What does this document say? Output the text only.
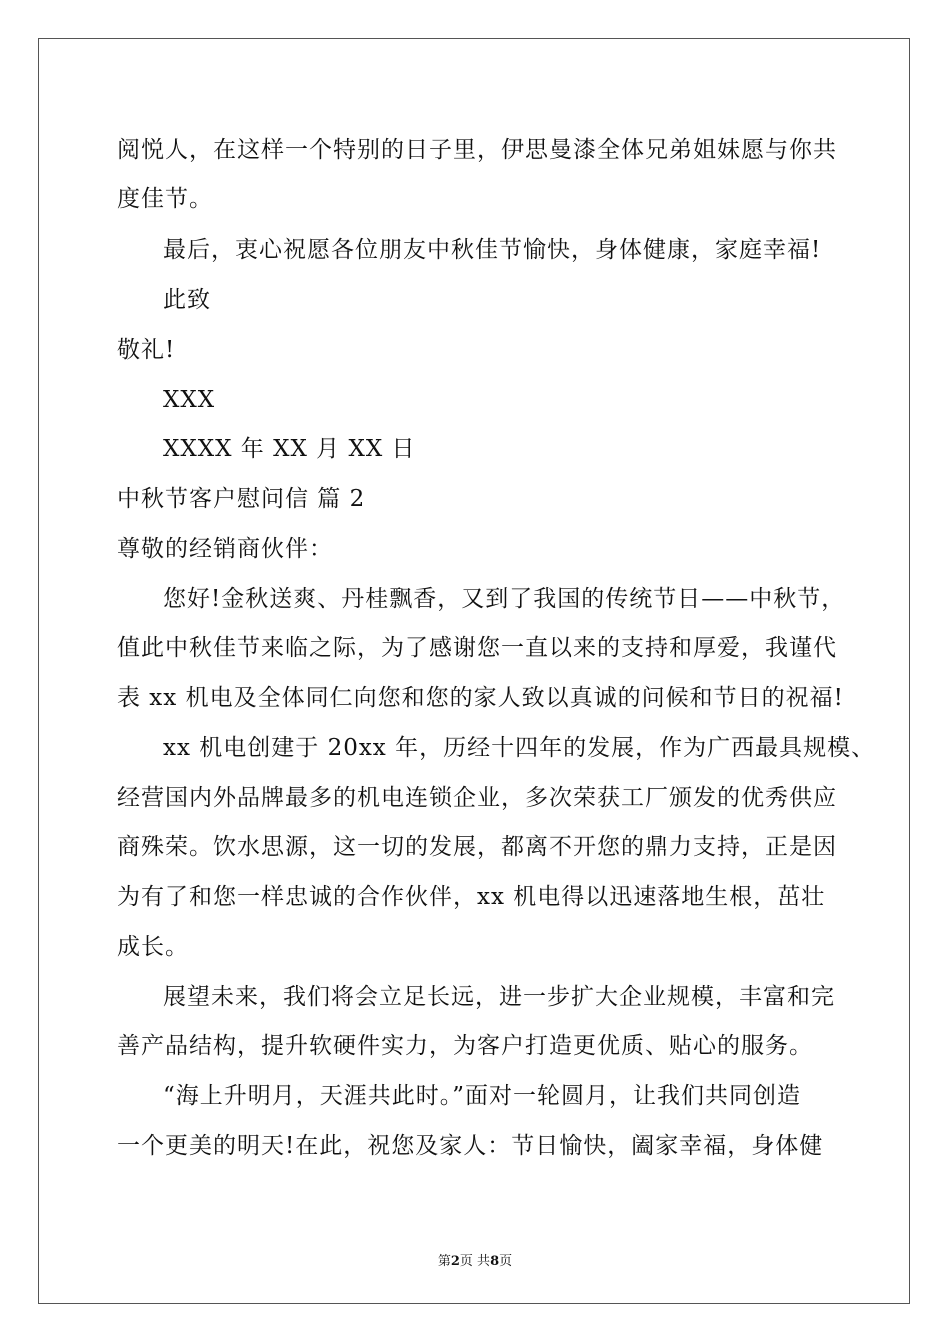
阅悦人，在这样一个特别的日子里，伊思曼漆全体兄弟姐妹愿与你共
度佳节。
最后，衷心祝愿各位朋友中秋佳节愉快，身体健康，家庭幸福!
此致
敬礼!
XXX
XXXX 年 XX 月 XX 日
中秋节客户慰问信 篇 2
尊敬的经销商伙伴：
您好!金秋送爽、丹桂飘香，又到了我国的传统节日——中秋节，
值此中秋佳节来临之际，为了感谢您一直以来的支持和厚爱，我谨代
表 xx 机电及全体同仁向您和您的家人致以真诚的问候和节日的祝福!
xx 机电创建于 20xx 年，历经十四年的发展，作为广西最具规模、
经营国内外品牌最多的机电连锁企业，多次荣获工厂颁发的优秀供应
商殊荣。饮水思源，这一切的发展，都离不开您的鼎力支持，正是因
为有了和您一样忠诚的合作伙伴，xx 机电得以迅速落地生根，茁壮
成长。
展望未来，我们将会立足长远，进一步扩大企业规模，丰富和完
善产品结构，提升软硬件实力，为客户打造更优质、贴心的服务。
“海上升明月，天涯共此时。”面对一轮圆月，让我们共同创造
一个更美的明天!在此，祝您及家人：节日愉快，阖家幸福，身体健
第2页 共8页
